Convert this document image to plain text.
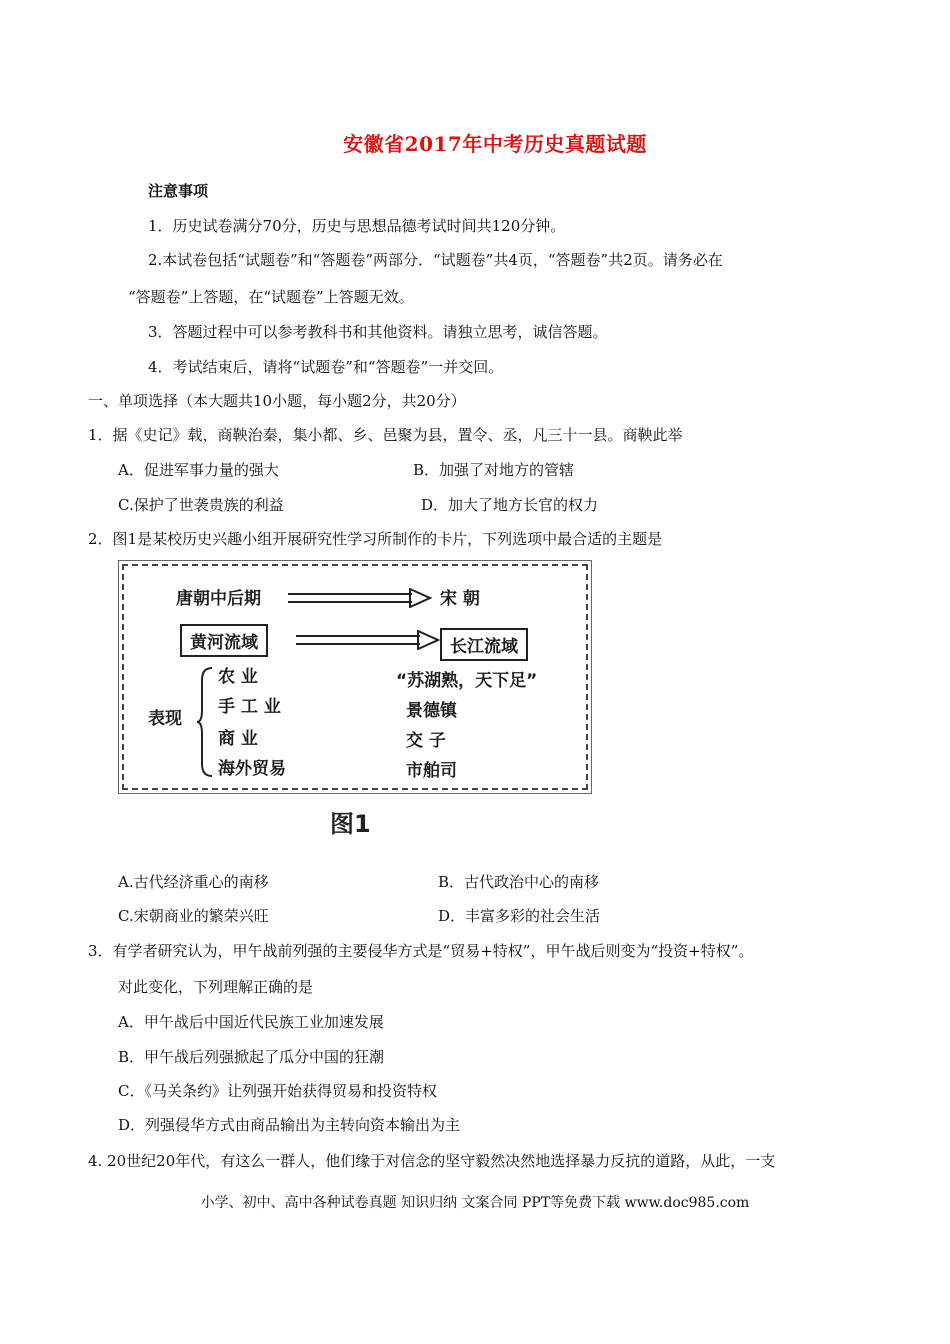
安徽省2017年中考历史真题试题
注意事项
1．历史试卷满分70分，历史与思想品德考试时间共120分钟。
2.本试卷包括“试题卷”和“答题卷”两部分．“试题卷”共4页，“答题卷”共2页。请务必在
“答题卷”上答题，在“试题卷”上答题无效。
3．答题过程中可以参考教科书和其他资料。请独立思考，诚信答题。
4．考试结束后，请将“试题卷”和“答题卷”一并交回。
一、单项选择（本大题共10小题，每小题2分，共20分）
1．据《史记》载，商鞅治秦，集小都、乡、邑聚为县，置令、丞，凡三十一县。商鞅此举
A．促进军事力量的强大	B．加强了对地方的管辖
C.保护了世袭贵族的利益	D．加大了地方长官的权力
2．图1是某校历史兴趣小组开展研究性学习所制作的卡片，下列选项中最合适的主题是
唐朝中后期	宋 朝
黄河流域	长江流域
表现
农 业
手 工 业
商 业
海外贸易
“苏湖熟，天下足”
景德镇
交 子
市舶司
图1
A.古代经济重心的南移	B．古代政治中心的南移
C.宋朝商业的繁荣兴旺	D．丰富多彩的社会生活
3．有学者研究认为，甲午战前列强的主要侵华方式是“贸易+特权”，甲午战后则变为“投资+特权”。
对此变化，下列理解正确的是
A．甲午战后中国近代民族工业加速发展
B．甲午战后列强掀起了瓜分中国的狂潮
C．《马关条约》让列强开始获得贸易和投资特权
D．列强侵华方式由商品输出为主转向资本输出为主
4. 20世纪20年代，有这么一群人，他们缘于对信念的坚守毅然决然地选择暴力反抗的道路，从此，一支
小学、初中、高中各种试卷真题 知识归纳 文案合同 PPT等免费下载 www.doc985.com
